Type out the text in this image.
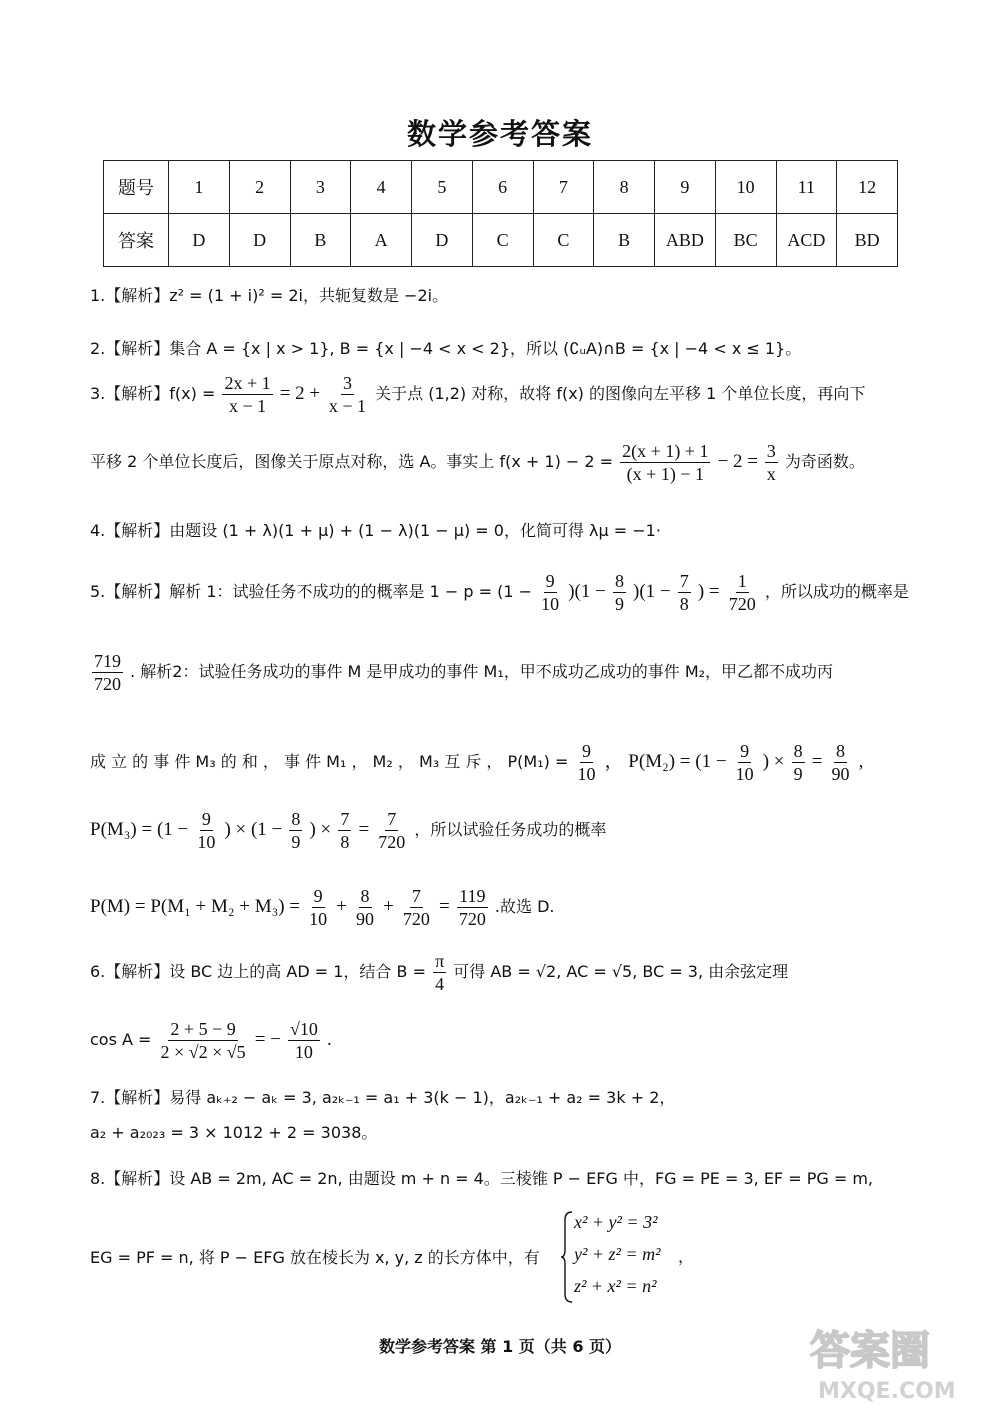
数学参考答案
题号	1	2	3	4	5	6	7	8	9	10	11	12
答案	D	D	B	A	D	C	C	B	ABD	BC	ACD	BD
1.【解析】z² = (1 + i)² = 2i，共轭复数是 −2i。
2.【解析】集合 A = {x | x > 1}, B = {x | −4 < x < 2}，所以 (∁ᵤA)∩B = {x | −4 < x ≤ 1}。
3.【解析】$f(x) = \frac{2x + 1}{x - 1} = 2 + \frac{3}{x - 1}$ 关于点 (1,2) 对称，故将 f(x) 的图像向左平移 1 个单位长度，再向下
平移 2 个单位长度后，图像关于原点对称，选 A。事实上 $f(x + 1) - 2 = \frac{2(x + 1) + 1}{(x + 1) - 1} - 2 = \frac{3}{x}$ 为奇函数。
4.【解析】由题设 (1 + λ)(1 + μ) + (1 − λ)(1 − μ) = 0，化简可得 λμ = −1·
5.【解析】解析 1：试验任务不成功的的概率是 $1 - p = (1 - \frac{9}{10} )(1 - \frac{8}{9} )(1 - \frac{7}{8}$ ) = $\frac{1}{720}$ ，所以成功的概率是
$\frac{719}{720}$ . 解析2：试验任务成功的事件 M 是甲成功的事件 M₁，甲不成功乙成功的事件 M₂，甲乙都不成功丙
成 立 的 事 件 M₃ 的 和 ， 事 件 M₁ ， M₂ ， M₃ 互 斥 ， $P(M_1) = \frac{9}{10}$ ， $P(M_2) = (1 - \frac{9}{10}$ ) × $\frac{8}{9} = \frac{8}{90}$ ,
$P(M_3) = (1 - \frac{9}{10}$ ) × ($1 - \frac{8}{9}$ ) × $\frac{7}{8} = \frac{7}{720}$ ，所以试验任务成功的概率
$P(M) = P(M_1 + M_2 + M_3) = \frac{9}{10} + \frac{8}{90} + \frac{7}{720} = \frac{119}{720}$ .故选 D.
6.【解析】设 BC 边上的高 AD = 1，结合 $B = \frac{\pi}{4}$ 可得 AB = √2, AC = √5, BC = 3, 由余弦定理
$\cos A = \frac{2 + 5 - 9}{2 \times √2 \times √5}$ = − $\frac{√10}{10}$ .
7.【解析】易得 aₖ₊₂ − aₖ = 3, a₂ₖ₋₁ = a₁ + 3(k − 1)，a₂ₖ₋₁ + a₂ = 3k + 2，
a₂ + a₂₀₂₃ = 3 × 1012 + 2 = 3038。
8.【解析】设 AB = 2m, AC = 2n, 由题设 m + n = 4。三棱锥 P − EFG 中，FG = PE = 3, EF = PG = m,
EG = PF = n, 将 P − EFG 放在棱长为 x, y, z 的长方体中，有
x² + y² = 3²
y² + z² = m²
z² + x² = n²
，
数学参考答案 第 1 页（共 6 页）	答案圈
MXQE.COM
